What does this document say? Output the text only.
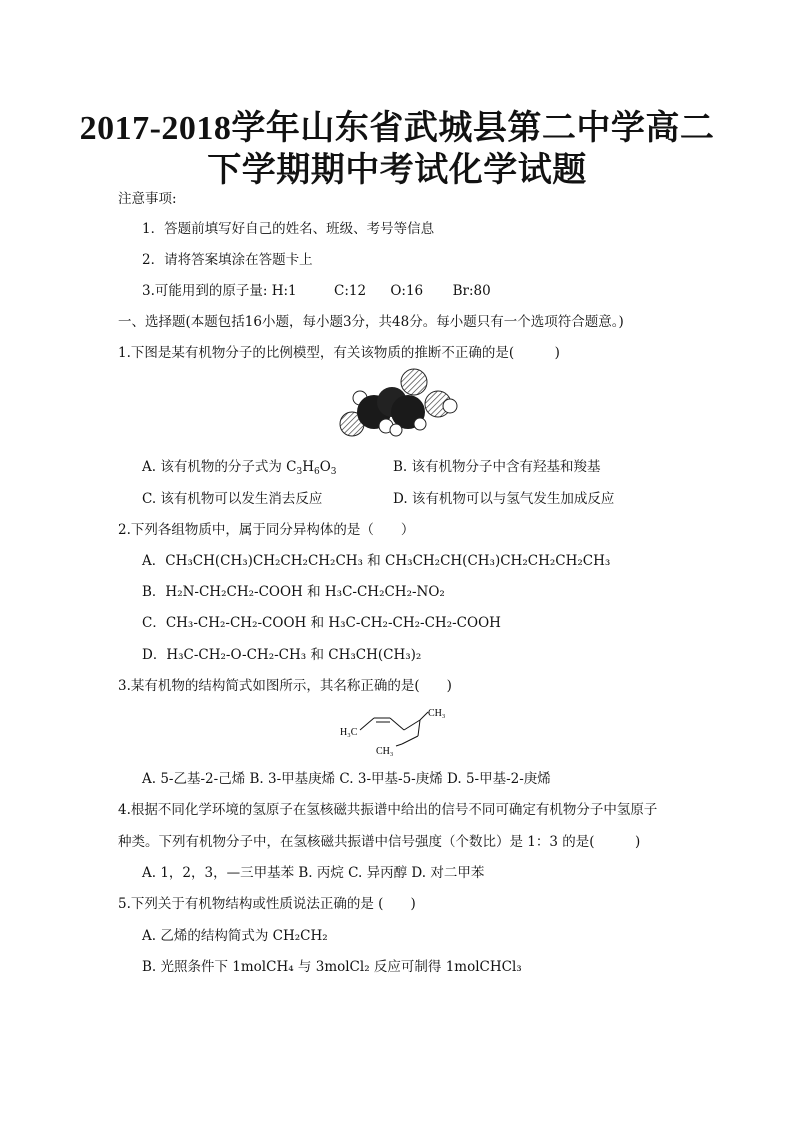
2017-2018学年山东省武城县第二中学高二
下学期期中考试化学试题
注意事项:
1．答题前填写好自己的姓名、班级、考号等信息
2．请将答案填涂在答题卡上
3.可能用到的原子量: H:1	C:12 O:16 Br:80
一、选择题(本题包括16小题，每小题3分，共48分。每小题只有一个选项符合题意。)
1.下图是某有机物分子的比例模型，有关该物质的推断不正确的是(　　　)
A. 该有机物的分子式为 $C_3H_6O_3$	B. 该有机物分子中含有羟基和羧基
C. 该有机物可以发生消去反应	D. 该有机物可以与氢气发生加成反应
2.下列各组物质中，属于同分异构体的是（　　）
A．CH₃CH(CH₃)CH₂CH₂CH₂CH₃ 和 CH₃CH₂CH(CH₃)CH₂CH₂CH₂CH₃
B．H₂N-CH₂CH₂-COOH 和 H₃C-CH₂CH₂-NO₂
C．CH₃-CH₂-CH₂-COOH 和 H₃C-CH₂-CH₂-CH₂-COOH
D．H₃C-CH₂-O-CH₂-CH₃ 和 CH₃CH(CH₃)₂
3.某有机物的结构简式如图所示，其名称正确的是(　　)
H₃C
CH₃
CH₃
A. 5-乙基-2-己烯 B. 3-甲基庚烯 C. 3-甲基-5-庚烯 D. 5-甲基-2-庚烯
4.根据不同化学环境的氢原子在氢核磁共振谱中给出的信号不同可确定有机物分子中氢原子
种类。下列有机物分子中，在氢核磁共振谱中信号强度（个数比）是 1：3 的是(　　　)
A. 1，2，3，—三甲基苯 B. 丙烷 C. 异丙醇 D. 对二甲苯
5.下列关于有机物结构或性质说法正确的是 (　　)
A. 乙烯的结构简式为 CH₂CH₂
B. 光照条件下 1molCH₄ 与 3molCl₂ 反应可制得 1molCHCl₃
